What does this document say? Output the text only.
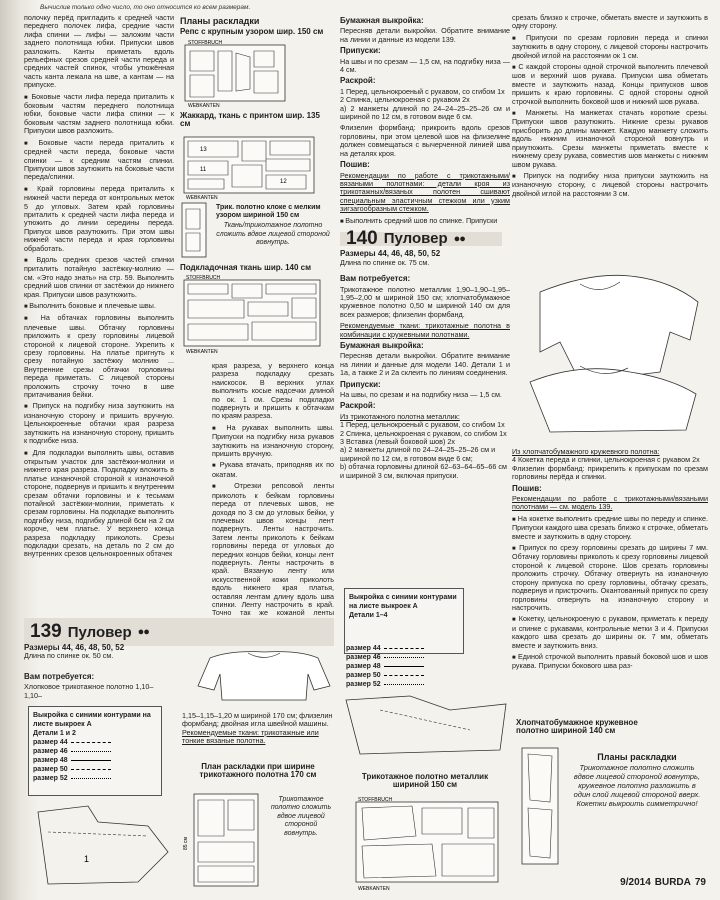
Вычислив только одно число, то оно относится ко всем размерам.

полочку перёд пригладить к средней части переднего полочек лифа, средние части лифа спинки — лифы — заложим части заднего полотнища юбки. Припуски швов разложить. Канты приметать вдоль рельефных срезов средней части переда и средних частей спинок, чтобы утюжённая часть канта лежала на шве, а кантам — на припуске.

■ Боковые части лифа переда приталить к боковым частям переднего полотнища юбки, боковые части лифа спинки — к боковым частям заднего полотнища юбки. Припуски швов разложить.

■ Боковые части переда приталить к средней части переда, боковые части спинки — к средним частям спинки. Припуски швов заутюжить на боковые части переда/спинки.

■ Край горловины переда приталить к нижней части переда от контрольных меток 5 до угловых. Затем край горловины приталить к средней части лифа переда и утюжить до линии середины переда. Припуск швов разутюжить. При этом швы нижней части переда и края горловины обработать.

■ Вдоль средних срезов частей спинки приталить потайную застёжку-молнию — см. «Это надо знать» на стр. 59. Выполнить средний шов спинки от застёжки до нижнего края. Припуски швов разутюжить.

■ Выполнить боковые и плечевые швы.

■ На обтачках горловины выполнить плечевые швы. Обтачку горловины приложить к срезу горловины лицевой стороной к лицевой стороне. Укрепить к срезу горловины. На платье пригнуть к срезу потайную застёжку молнию ... Внутренние срезы обтачки горловины переда приметать. С лицевой стороны проложить строчку точно в шве притачивания бейки.

■ Припуск на подгибку низа заутюжить на изнаночную сторону и пришить вручную. Цельнокроенные обтачки края разреза заутюжить на изнаночную сторону, пришить к подгибке низа.

■ Для подкладки выполнить швы, оставив открытым участок для застёжки-молнии и нижнего края разреза. Подкладку вложить в платье изнаночной стороной к изнаночной стороне, подвернув и пришить к внутренним срезам обтачки горловины и к тесьмам потайной застёжки-молнии, приметать к срезам горловины. На подкладке выполнить подгибку низа, подгибку длиной 6см на 2 см короче, чем платье. У верхнего конца разреза подкладку приколоть. Срезы подкладки срезать, на деталь по 2 см до внутренних срезов цельнокроенных обтачек

Планы раскладки
Репс с крупным узором шир. 150 см
STOFFBRUCH
WEBKANTEN
Жаккард, ткань с принтом шир. 135 см
13
11
12
WEBKANTEN
Трик. полотно клоке с мелким узором шириной 150 см
Ткань/трикотажное полотно сложить вдвое лицевой стороной вовнутрь.
Подкладочная ткань шир. 140 см
STOFFBRUCH
WEBKANTEN

края разреза, у верхнего конца разреза подкладку срезать наискосок. В верхних углах выполнить косые надсечки длиной по ок. 1 см. Срезы подкладки подвернуть и пришить к обтачкам по краям разреза.

■ На рукавах выполнить швы. Припуски на подгибку низа рукавов заутюжить на изнаночную сторону, пришить вручную.

■ Рукава втачать, приподняв их по окатам.

■ Отрезки репсовой ленты приколоть к бейкам горловины переда от плечевых швов, не доходя по 3 см до угловых бейки, у плечевых швов концы лент подвернуть. Ленты настрочить. Затем ленты приколоть к бейкам горловины переда от угловых до передних концов бейки, концы лент подвернуть. Ленты настрочить в край. Вязаную ленту или искусственной кожи приколоть вдоль нижнего края платья, оставляя лентам длину вдоль шва спинки. Ленту настрочить в край. Точно так же кожаной ленты

139 Пуловер ●●
Размеры 44, 46, 48, 50, 52
Длина по спинке ок. 50 см.
Вам потребуется:
Хлопковое трикотажное полотно 1,10–1,10–
Выкройка с синими контурами на листе выкроек А
Детали 1 и 2
размер 44
размер 46
размер 48
размер 50
размер 52
1
1,15–1,15–1,20 м шириной 170 см; флизелин формбанд; двойная игла швейной машины.
Рекомендуемые ткани: трикотажные или тонкие вязаные полотна.
План раскладки при ширине трикотажного полотна 170 см
85 см
Трикотажное полотно сложить вдвое лицевой стороной вовнутрь.
Бумажная выкройка:

Пересняв детали выкройки. Обратите внимание на линии и данные из модели 139.

Припуски:

На швы и по срезам — 1,5 см, на подгибку низа — 4 см.

Раскрой:
1 Перед, цельнокроеный с рукавом, со сгибом 1x
2 Спинка, цельнокроеная с рукавом 2x

а) 2 манжеты длиной по 24–24–25–25–26 см и шириной по 12 см, в готовом виде 6 см.

Флизелин формбанд: прикроить вдоль срезов горловины, при этом целевой шов на флизелине должен совмещаться с вычерченной линией шва на деталях кроя.

Пошив:

Рекомендации по работе с трикотажными/вязаными полотнами: детали кроя из трикотажных/вязаных полотен сшивают специальным эластичным стежком или узким зигзагообразным стежком.

■ Выполнить средний шов по спинке. Припуски

140 Пуловер ●●
Размеры 44, 46, 48, 50, 52
Длина по спинке ок. 75 см.
Вам потребуется:

Трикотажное полотно металлик 1,90–1,90–1,95–1,95–2,00 м шириной 150 см; хлопчатобумажное кружевное полотно 0,50 м шириной 140 см для всех размеров; флизелин формбанд.

Рекомендуемые ткани: трикотажные полотна в комбинации с кружевными полотнами.

Бумажная выкройка:

Пересняв детали выкройки. Обратите внимание на линии и данные для модели 140. Детали 1 и 1а, а также 2 и 2а склеить по линиям соединения.

Припуски:

На швы, по срезам и на подгибку низа — 1,5 см.

Раскрой:
Из трикотажного полотна металлик:
1 Перед, цельнокроеный с рукавом, со сгибом 1x
2 Спинка, цельнокроеная с рукавом, со сгибом 1x
3 Вставка (левый боковой шов) 2x
а) 2 манжеты длиной по 24–24–25–25–26 см и шириной по 12 см, в готовом виде 6 см;
b) обтачка горловины длиной 62–63–64–65–66 см и шириной 3 см, включая припуски.
Выкройка с синими контурами на листе выкроек А
Детали 1–4
размер 44
размер 46
размер 48
размер 50
размер 52
Трикотажное полотно металлик шириной 150 см
STOFFBRUCH
WEBKANTEN

срезать близко к строчке, обметать вместе и заутюжить в одну сторону.

■ Припуски по срезам горловин переда и спинки заутюжить в одну сторону, с лицевой стороны настрочить двойной иглой на расстоянии ок 1 см.

■ С каждой стороны одной строчкой выполнить плечевой шов и верхний шов рукава. Припуски шва обметать вместе и заутюжить назад. Концы припусков швов пришить к краю горловины. С одной стороны одной строчкой выполнить боковой шов и нижний шов рукава.

■ Манжеты. На манжетах стачать короткие срезы. Припуски швов разутюжить. Нижние срезы рукавов присборить до длины манжет. Каждую манжету сложить вдоль нижним изнаночной стороной вовнутрь и приутюжить. Срезы манжеты приметать вместе к нижнему срезу рукава, совместив шов манжеты с нижним швом рукава.

■ Припуск на подгибку низа припуски заутюжить на изнаночную сторону, с лицевой стороны настрочить двойной иглой на расстоянии 3 см.

Из хлопчатобумажного кружевного полотна:
4 Кокетка переда и спинки, цельнокроеная с рукавом 2x

Флизелин формбанд: прикрепить к припускам по срезам горловины перёда и спинки.

Пошив:

Рекомендации по работе с трикотажными/вязаными полотнами — см. модель 139.

■ На кокетке выполнить средние швы по переду и спинке. Припуски каждого шва срезать близко к строчке, обметать вместе и заутюжить в одну сторону.

■ Припуск по срезу горловины срезать до ширины 7 мм. Обтачку горловины приколоть к срезу горловины лицевой стороной к лицевой стороне. Шов срезать горловины проложить строчку. Обтачку отвернуть на изнаночную сторону припуска по срезу горловины, обтачку срезать, подвернув и пристрочить. Окантованный припуск по срезу горловины отвернуть на изнаночную сторону и настрочить.

■ Кокетку, цельнокроеную с рукавом, приметать к переду и спинке с рукавами, контрольные метки 3 и 4. Припуски каждого шва срезать до ширины ок. 7 мм, обметать вместе и заутюжить вниз.

■ Единой строчкой выполнить правый боковой шов и шов рукава. Припуски бокового шва раз-

Хлопчатобумажное кружевное полотно шириной 140 см
Планы раскладки
Трикотажное полотно сложить вдвое лицевой стороной вовнутрь, кружевное полотно разложить в один слой лицевой стороной вверх. Кокетки выкроить симметрично!
9/2014 BURDA 79
